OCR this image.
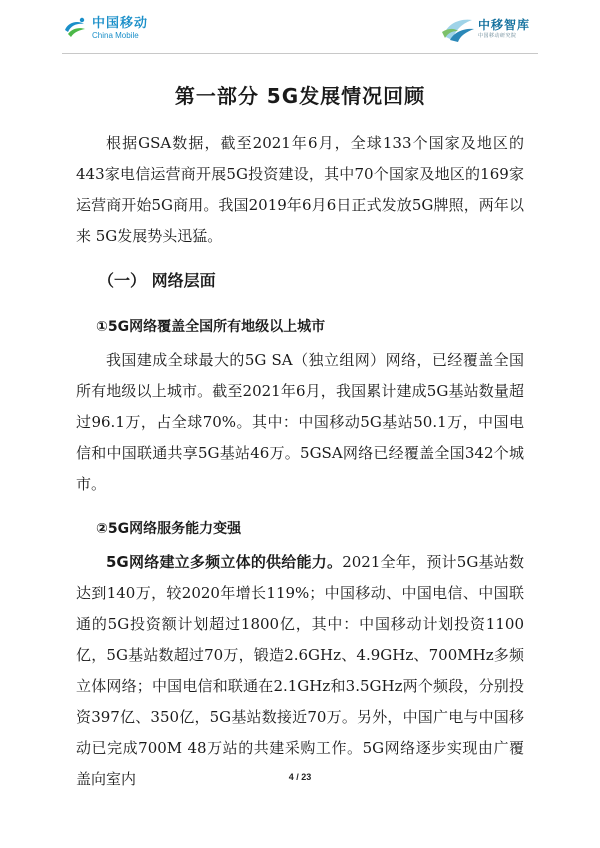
中国移动
China Mobile
中移智库
中国移动研究院
第一部分 5G发展情况回顾

根据GSA数据，截至2021年6月，全球133个国家及地区的443家电信运营商开展5G投资建设，其中70个国家及地区的169家运营商开始5G商用。我国2019年6月6日正式发放5G牌照，两年以来 5G发展势头迅猛。

（一） 网络层面
①5G网络覆盖全国所有地级以上城市

我国建成全球最大的5G SA（独立组网）网络，已经覆盖全国所有地级以上城市。截至2021年6月，我国累计建成5G基站数量超过96.1万，占全球70%。其中：中国移动5G基站50.1万，中国电信和中国联通共享5G基站46万。5GSA网络已经覆盖全国342个城市。

②5G网络服务能力变强

5G网络建立多频立体的供给能力。2021全年，预计5G基站数达到140万，较2020年增长119%；中国移动、中国电信、中国联通的5G投资额计划超过1800亿，其中：中国移动计划投资1100亿，5G基站数超过70万，锻造2.6GHz、4.9GHz、700MHz多频立体网络；中国电信和联通在2.1GHz和3.5GHz两个频段，分别投资397亿、350亿，5G基站数接近70万。另外，中国广电与中国移动已完成700M 48万站的共建采购工作。5G网络逐步实现由广覆盖向室内	4 / 23
